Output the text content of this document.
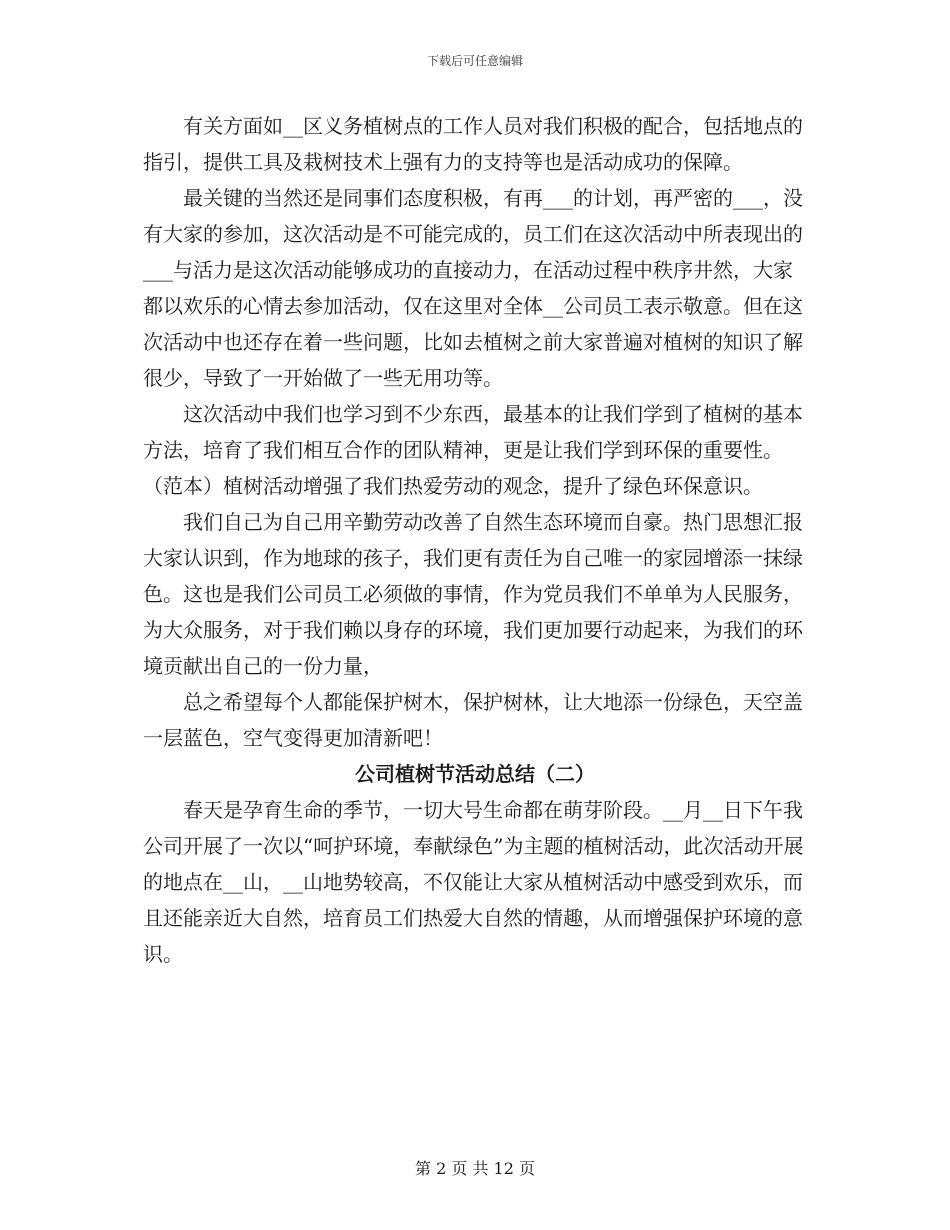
下载后可任意编辑

有关方面如__区义务植树点的工作人员对我们积极的配合，包括地点的指引，提供工具及栽树技术上强有力的支持等也是活动成功的保障。

最关键的当然还是同事们态度积极，有再___的计划，再严密的___，没有大家的参加，这次活动是不可能完成的，员工们在这次活动中所表现出的___与活力是这次活动能够成功的直接动力，在活动过程中秩序井然，大家都以欢乐的心情去参加活动，仅在这里对全体__公司员工表示敬意。但在这次活动中也还存在着一些问题，比如去植树之前大家普遍对植树的知识了解很少，导致了一开始做了一些无用功等。

这次活动中我们也学习到不少东西，最基本的让我们学到了植树的基本方法，培育了我们相互合作的团队精神，更是让我们学到环保的重要性。（范本）植树活动增强了我们热爱劳动的观念，提升了绿色环保意识。

我们自己为自己用辛勤劳动改善了自然生态环境而自豪。热门思想汇报大家认识到，作为地球的孩子，我们更有责任为自己唯一的家园增添一抹绿色。这也是我们公司员工必须做的事情，作为党员我们不单单为人民服务，为大众服务，对于我们赖以身存的环境，我们更加要行动起来，为我们的环境贡献出自己的一份力量，

总之希望每个人都能保护树木，保护树林，让大地添一份绿色，天空盖一层蓝色，空气变得更加清新吧！

公司植树节活动总结（二）

春天是孕育生命的季节，一切大号生命都在萌芽阶段。__月__日下午我公司开展了一次以“呵护环境，奉献绿色”为主题的植树活动，此次活动开展的地点在__山，__山地势较高，不仅能让大家从植树活动中感受到欢乐，而且还能亲近大自然，培育员工们热爱大自然的情趣，从而增强保护环境的意识。

第 2 页 共 12 页
